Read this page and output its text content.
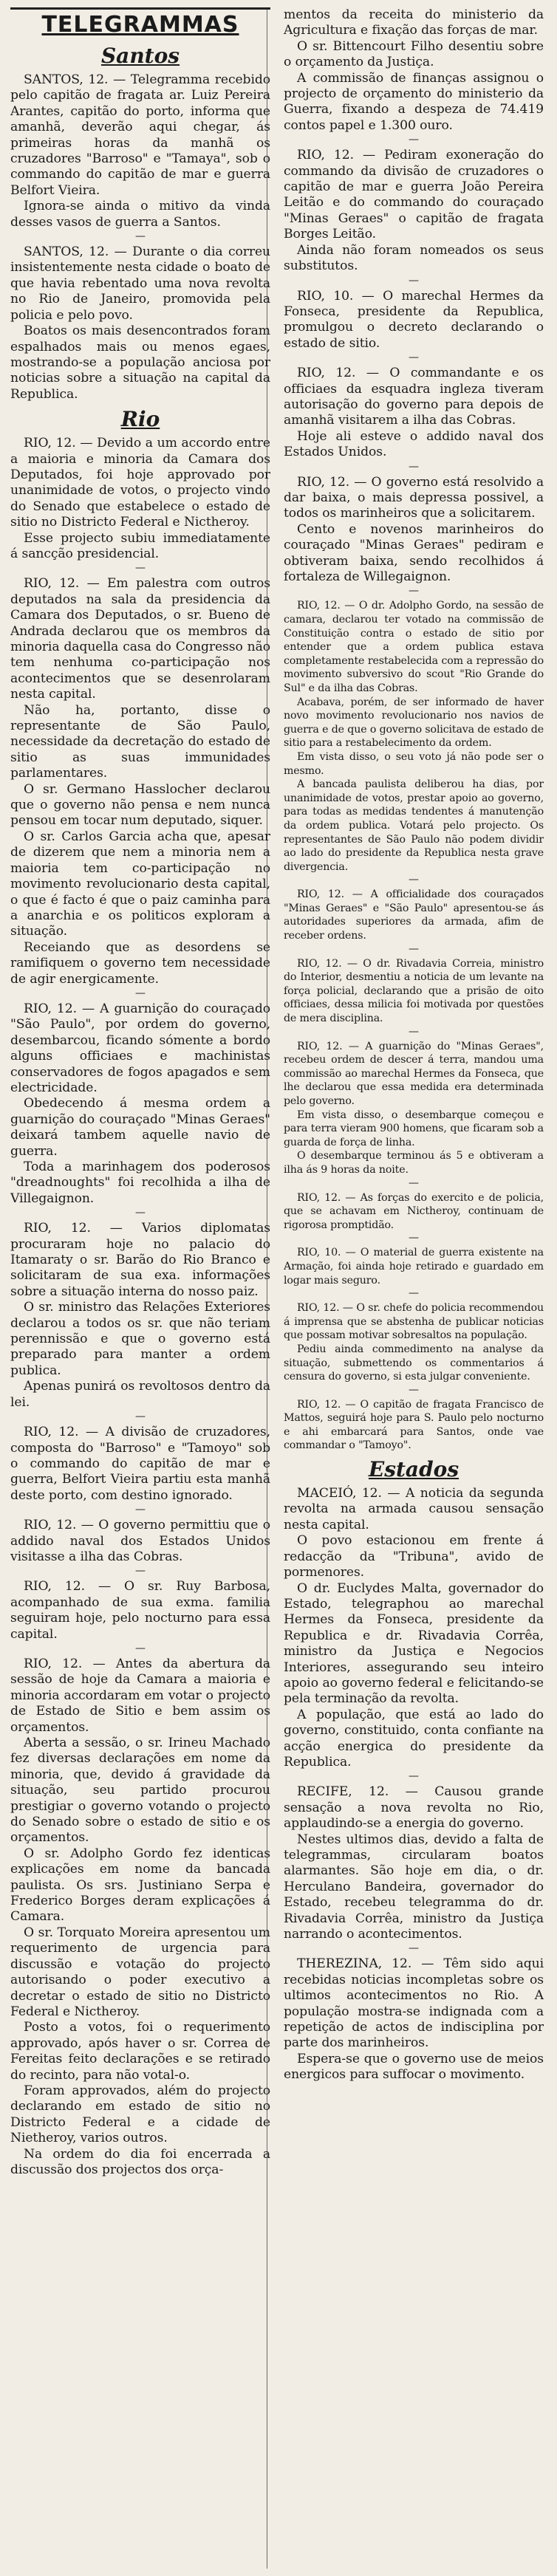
TELEGRAMMAS
Santos

SANTOS, 12. — Telegramma recebido pelo capitão de fragata ar. Luiz Pereira Arantes, capitão do porto, informa que amanhã, deverão aqui chegar, ás primeiras horas da manhã os cruzadores "Barroso" e "Tamaya", sob o commando do capitão de mar e guerra Belfort Vieira.

Ignora-se ainda o mitivo da vinda desses vasos de guerra a Santos.

—

SANTOS, 12. — Durante o dia correu insistentemente nesta cidade o boato de que havia rebentado uma nova revolta no Rio de Janeiro, promovida pela policia e pelo povo.

Boatos os mais desencontrados foram espalhados mais ou menos egaes, mostrando-se a população anciosa por noticias sobre a situação na capital da Republica.

Rio

RIO, 12. — Devido a um accordo entre a maioria e minoria da Camara dos Deputados, foi hoje approvado por unanimidade de votos, o projecto vindo do Senado que estabelece o estado de sitio no Districto Federal e Nictheroy.

Esse projecto subiu immediatamente á sancção presidencial.

—

RIO, 12. — Em palestra com outros deputados na sala da presidencia da Camara dos Deputados, o sr. Bueno de Andrada declarou que os membros da minoria daquella casa do Congresso não tem nenhuma co-participação nos acontecimentos que se desenrolaram nesta capital.

Não ha, portanto, disse o representante de São Paulo, necessidade da decretação do estado de sitio as suas immunidades parlamentares.

O sr. Germano Hasslocher declarou que o governo não pensa e nem nunca pensou em tocar num deputado, siquer.

O sr. Carlos Garcia acha que, apesar de dizerem que nem a minoria nem a maioria tem co-participação no movimento revolucionario desta capital, o que é facto é que o paiz caminha para a anarchia e os politicos exploram a situação.

Receiando que as desordens se ramifiquem o governo tem necessidade de agir energicamente.

—

RIO, 12. — A guarnição do couraçado "São Paulo", por ordem do governo, desembarcou, ficando sómente a bordo alguns officiaes e machinistas conservadores de fogos apagados e sem electricidade.

Obedecendo á mesma ordem a guarnição do couraçado "Minas Geraes" deixará tambem aquelle navio de guerra.

Toda a marinhagem dos poderosos "dreadnoughts" foi recolhida a ilha de Villegaignon.

—

RIO, 12. — Varios diplomatas procuraram hoje no palacio do Itamaraty o sr. Barão do Rio Branco e solicitaram de sua exa. informações sobre a situação interna do nosso paiz.

O sr. ministro das Relações Exteriores declarou a todos os sr. que não teriam perennissão e que o governo está preparado para manter a ordem publica.

Apenas punirá os revoltosos dentro da lei.

—

RIO, 12. — A divisão de cruzadores, composta do "Barroso" e "Tamoyo" sob o commando do capitão de mar e guerra, Belfort Vieira partiu esta manhã deste porto, com destino ignorado.

—

RIO, 12. — O governo permittiu que o addido naval dos Estados Unidos visitasse a ilha das Cobras.

—

RIO, 12. — O sr. Ruy Barbosa, acompanhado de sua exma. familia seguiram hoje, pelo nocturno para essa capital.

—

RIO, 12. — Antes da abertura da sessão de hoje da Camara a maioria e minoria accordaram em votar o projecto de Estado de Sitio e bem assim os orçamentos.

Aberta a sessão, o sr. Irineu Machado fez diversas declarações em nome da minoria, que, devido á gravidade da situação, seu partido procurou prestigiar o governo votando o projecto do Senado sobre o estado de sitio e os orçamentos.

O sr. Adolpho Gordo fez identicas explicações em nome da bancada paulista. Os srs. Justiniano Serpa e Frederico Borges deram explicações á Camara.

O sr. Torquato Moreira apresentou um requerimento de urgencia para discussão e votação do projecto autorisando o poder executivo a decretar o estado de sitio no Districto Federal e Nictheroy.

Posto a votos, foi o requerimento approvado, após haver o sr. Correa de Fereitas feito declarações e se retirado do recinto, para não votal-o.

Foram approvados, além do projecto declarando em estado de sitio no Districto Federal e a cidade de Nietheroy, varios outros.

Na ordem do dia foi encerrada a discussão dos projectos dos orça-

mentos da receita do ministerio da Agricultura e fixação das forças de mar.

O sr. Bittencourt Filho desentiu sobre o orçamento da Justiça.

A commissão de finanças assignou o projecto de orçamento do ministerio da Guerra, fixando a despeza de 74.419 contos papel e 1.300 ouro.

—

RIO, 12. — Pediram exoneração do commando da divisão de cruzadores o capitão de mar e guerra João Pereira Leitão e do commando do couraçado "Minas Geraes" o capitão de fragata Borges Leitão.

Ainda não foram nomeados os seus substitutos.

—

RIO, 10. — O marechal Hermes da Fonseca, presidente da Republica, promulgou o decreto declarando o estado de sitio.

—

RIO, 12. — O commandante e os officiaes da esquadra ingleza tiveram autorisação do governo para depois de amanhã visitarem a ilha das Cobras.

Hoje ali esteve o addido naval dos Estados Unidos.

—

RIO, 12. — O governo está resolvido a dar baixa, o mais depressa possivel, a todos os marinheiros que a solicitarem.

Cento e novenos marinheiros do couraçado "Minas Geraes" pediram e obtiveram baixa, sendo recolhidos á fortaleza de Willegaignon.

—

RIO, 12. — O dr. Adolpho Gordo, na sessão de camara, declarou ter votado na commissão de Constituição contra o estado de sitio por entender que a ordem publica estava completamente restabelecida com a repressão do movimento subversivo do scout "Rio Grande do Sul" e da ilha das Cobras.

Acabava, porém, de ser informado de haver novo movimento revolucionario nos navios de guerra e de que o governo solicitava de estado de sitio para a restabelecimento da ordem.

Em vista disso, o seu voto já não pode ser o mesmo.

A bancada paulista deliberou ha dias, por unanimidade de votos, prestar apoio ao governo, para todas as medidas tendentes á manutenção da ordem publica. Votará pelo projecto. Os representantes de São Paulo não podem dividir ao lado do presidente da Republica nesta grave divergencia.

—

RIO, 12. — A officialidade dos couraçados "Minas Geraes" e "São Paulo" apresentou-se ás autoridades superiores da armada, afim de receber ordens.

—

RIO, 12. — O dr. Rivadavia Correia, ministro do Interior, desmentiu a noticia de um levante na força policial, declarando que a prisão de oito officiaes, dessa milicia foi motivada por questões de mera disciplina.

—

RIO, 12. — A guarnição do "Minas Geraes", recebeu ordem de descer á terra, mandou uma commissão ao marechal Hermes da Fonseca, que lhe declarou que essa medida era determinada pelo governo.

Em vista disso, o desembarque começou e para terra vieram 900 homens, que ficaram sob a guarda de força de linha.

O desembarque terminou ás 5 e obtiveram a ilha ás 9 horas da noite.

—

RIO, 12. — As forças do exercito e de policia, que se achavam em Nictheroy, continuam de rigorosa promptidão.

—

RIO, 10. — O material de guerra existente na Armação, foi ainda hoje retirado e guardado em logar mais seguro.

—

RIO, 12. — O sr. chefe do policia recommendou á imprensa que se abstenha de publicar noticias que possam motivar sobresaltos na população.

Pediu ainda commedimento na analyse da situação, submettendo os commentarios á censura do governo, si esta julgar conveniente.

—

RIO, 12. — O capitão de fragata Francisco de Mattos, seguirá hoje para S. Paulo pelo nocturno e ahi embarcará para Santos, onde vae commandar o "Tamoyo".

Estados

MACEIÓ, 12. — A noticia da segunda revolta na armada causou sensação nesta capital.

O povo estacionou em frente á redacção da "Tribuna", avido de pormenores.

O dr. Euclydes Malta, governador do Estado, telegraphou ao marechal Hermes da Fonseca, presidente da Republica e dr. Rivadavia Corrêa, ministro da Justiça e Negocios Interiores, assegurando seu inteiro apoio ao governo federal e felicitando-se pela terminação da revolta.

A população, que está ao lado do governo, constituido, conta confiante na acção energica do presidente da Republica.

—

RECIFE, 12. — Causou grande sensação a nova revolta no Rio, applaudindo-se a energia do governo.

Nestes ultimos dias, devido a falta de telegrammas, circularam boatos alarmantes. São hoje em dia, o dr. Herculano Bandeira, governador do Estado, recebeu telegramma do dr. Rivadavia Corrêa, ministro da Justiça narrando o acontecimentos.

—

THEREZINA, 12. — Têm sido aqui recebidas noticias incompletas sobre os ultimos acontecimentos no Rio. A população mostra-se indignada com a repetição de actos de indisciplina por parte dos marinheiros.

Espera-se que o governo use de meios energicos para suffocar o movimento.
